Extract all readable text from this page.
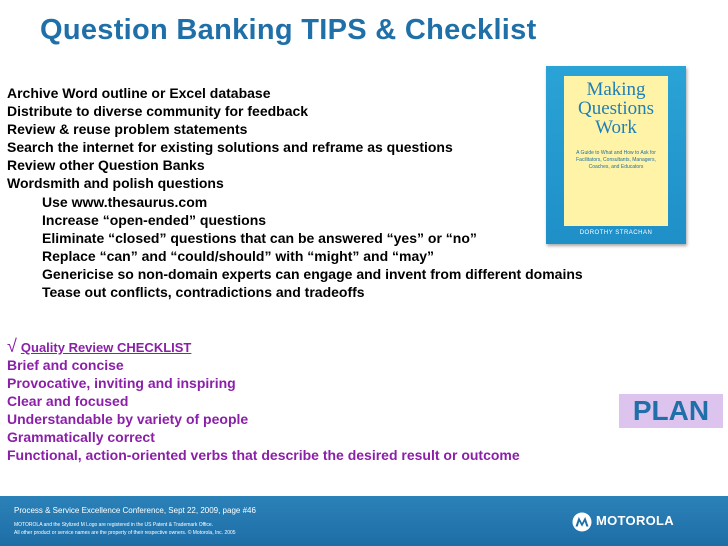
Question Banking TIPS & Checklist
Archive Word outline or Excel database
Distribute to diverse community for feedback
Review & reuse problem statements
Search the internet for existing solutions and reframe as questions
Review other Question Banks
Wordsmith and polish questions
Use www.thesaurus.com
Increase “open-ended” questions
Eliminate “closed” questions that can be answered “yes” or “no”
Replace “can” and “could/should” with “might” and “may”
Genericise so non-domain experts can engage and invent from different domains
Tease out conflicts, contradictions and tradeoffs
Making
Questions
Work
A Guide to What and How to Ask for Facilitators, Consultants, Managers, Coaches, and Educators
DOROTHY STRACHAN
√ Quality Review CHECKLIST
Brief and concise
Provocative, inviting and inspiring
Clear and focused
Understandable by variety of people
Grammatically correct
Functional, action-oriented verbs that describe the desired result or outcome
PLAN
Process & Service Excellence Conference, Sept 22, 2009, page #46
MOTOROLA and the Stylized M Logo are registered in the US Patent & Trademark Office.
All other product or service names are the property of their respective owners. © Motorola, Inc. 2005
MOTOROLA
